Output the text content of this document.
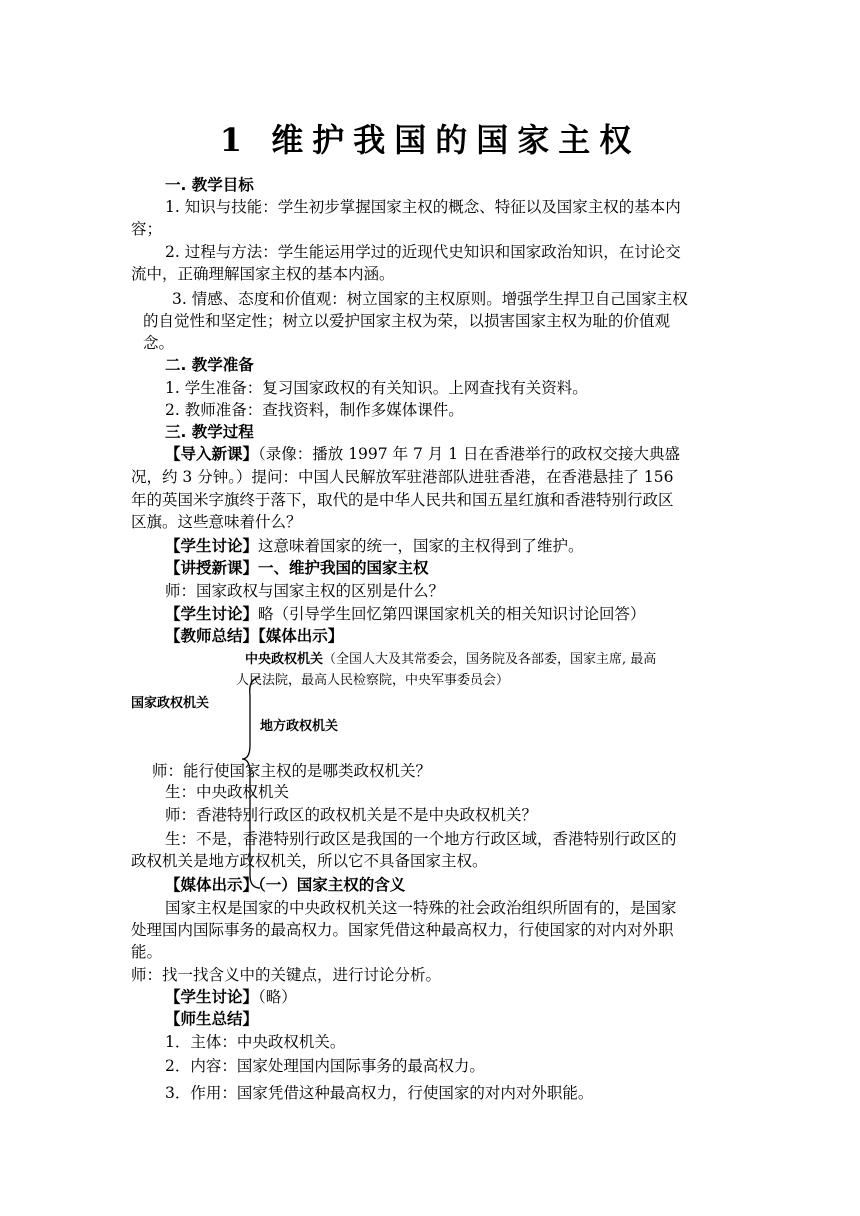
1 维护我国的国家主权
一. 教学目标
1. 知识与技能：学生初步掌握国家主权的概念、特征以及国家主权的基本内
容；
2. 过程与方法：学生能运用学过的近现代史知识和国家政治知识，在讨论交
流中，正确理解国家主权的基本内涵。
3. 情感、态度和价值观：树立国家的主权原则。增强学生捍卫自己国家主权
的自觉性和坚定性；树立以爱护国家主权为荣，以损害国家主权为耻的价值观
念。
二. 教学准备
1. 学生准备：复习国家政权的有关知识。上网查找有关资料。
2. 教师准备：查找资料，制作多媒体课件。
三. 教学过程
【导入新课】（录像：播放 1997 年 7 月 1 日在香港举行的政权交接大典盛
况，约 3 分钟。）提问：中国人民解放军驻港部队进驻香港，在香港悬挂了 156
年的英国米字旗终于落下，取代的是中华人民共和国五星红旗和香港特别行政区
区旗。这些意味着什么？
【学生讨论】这意味着国家的统一，国家的主权得到了维护。
【讲授新课】一、维护我国的国家主权
师：国家政权与国家主权的区别是什么？
【学生讨论】略（引导学生回忆第四课国家机关的相关知识讨论回答）
【教师总结】【媒体出示】
中央政权机关（全国人大及其常委会，国务院及各部委，国家主席, 最高
人民法院，最高人民检察院，中央军事委员会）
国家政权机关
地方政权机关
师：能行使国家主权的是哪类政权机关？
生：中央政权机关
师：香港特别行政区的政权机关是不是中央政权机关？
生：不是，香港特别行政区是我国的一个地方行政区域，香港特别行政区的
政权机关是地方政权机关，所以它不具备国家主权。
【媒体出示】（一）国家主权的含义
国家主权是国家的中央政权机关这一特殊的社会政治组织所固有的，是国家
处理国内国际事务的最高权力。国家凭借这种最高权力，行使国家的对内对外职
能。
师：找一找含义中的关键点，进行讨论分析。
【学生讨论】（略）
【师生总结】
1．主体：中央政权机关。
2．内容：国家处理国内国际事务的最高权力。
3．作用：国家凭借这种最高权力，行使国家的对内对外职能。
